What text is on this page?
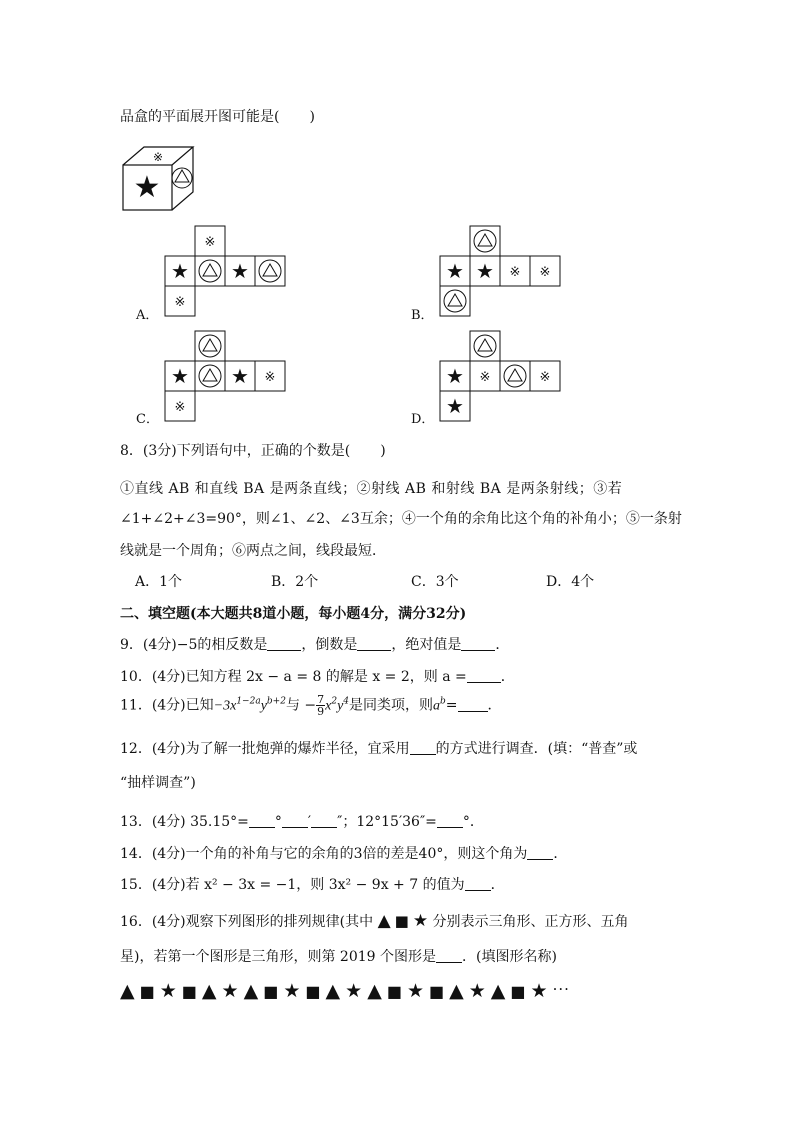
品盒的平面展开图可能是( )
※
★
※
★ ★
※
★ ★ ※ ※
★ ★ ※
※
★ ※	※
★
A．	B．
C．	D．
8．(3分)下列语句中，正确的个数是( )
①直线 AB 和直线 BA 是两条直线；②射线 AB 和射线 BA 是两条射线；③若
∠1+∠2+∠3=90°，则∠1、∠2、∠3互余；④一个角的余角比这个角的补角小；⑤一条射
线就是一个周角；⑥两点之间，线段最短．
A．1个	B．2个	C．3个	D．4个
二、填空题(本大题共8道小题，每小题4分，满分32分)
9．(4分)−5的相反数是 ，倒数是 ，绝对值是 ．
10．(4分)已知方程 2x − a = 8 的解是 x = 2，则 a = ．
11．(4分)已知$-3x^{1-2a}y^{b+2}$与 − $\frac{7}{9} x^2y^4$是同类项，则$a^b=$ ．
12．(4分)为了解一批炮弹的爆炸半径，宜采用 的方式进行调查．(填：“普查”或
“抽样调查”)
13．(4分) 35.15°= ° ′ ″；12°15′36″= °．
14．(4分)一个角的补角与它的余角的3倍的差是40°，则这个角为 ．
15．(4分)若 x² − 3x = −1，则 3x² − 9x + 7 的值为 ．
16．(4分)观察下列图形的排列规律(其中 ▲ ■ ★ 分别表示三角形、正方形、五角
星)，若第一个图形是三角形，则第 2019 个图形是 ．(填图形名称)
▲ ■ ★ ■ ▲ ★ ▲ ■ ★ ■ ▲ ★ ▲ ■ ★ ■ ▲ ★ ▲ ■ ★ ···
